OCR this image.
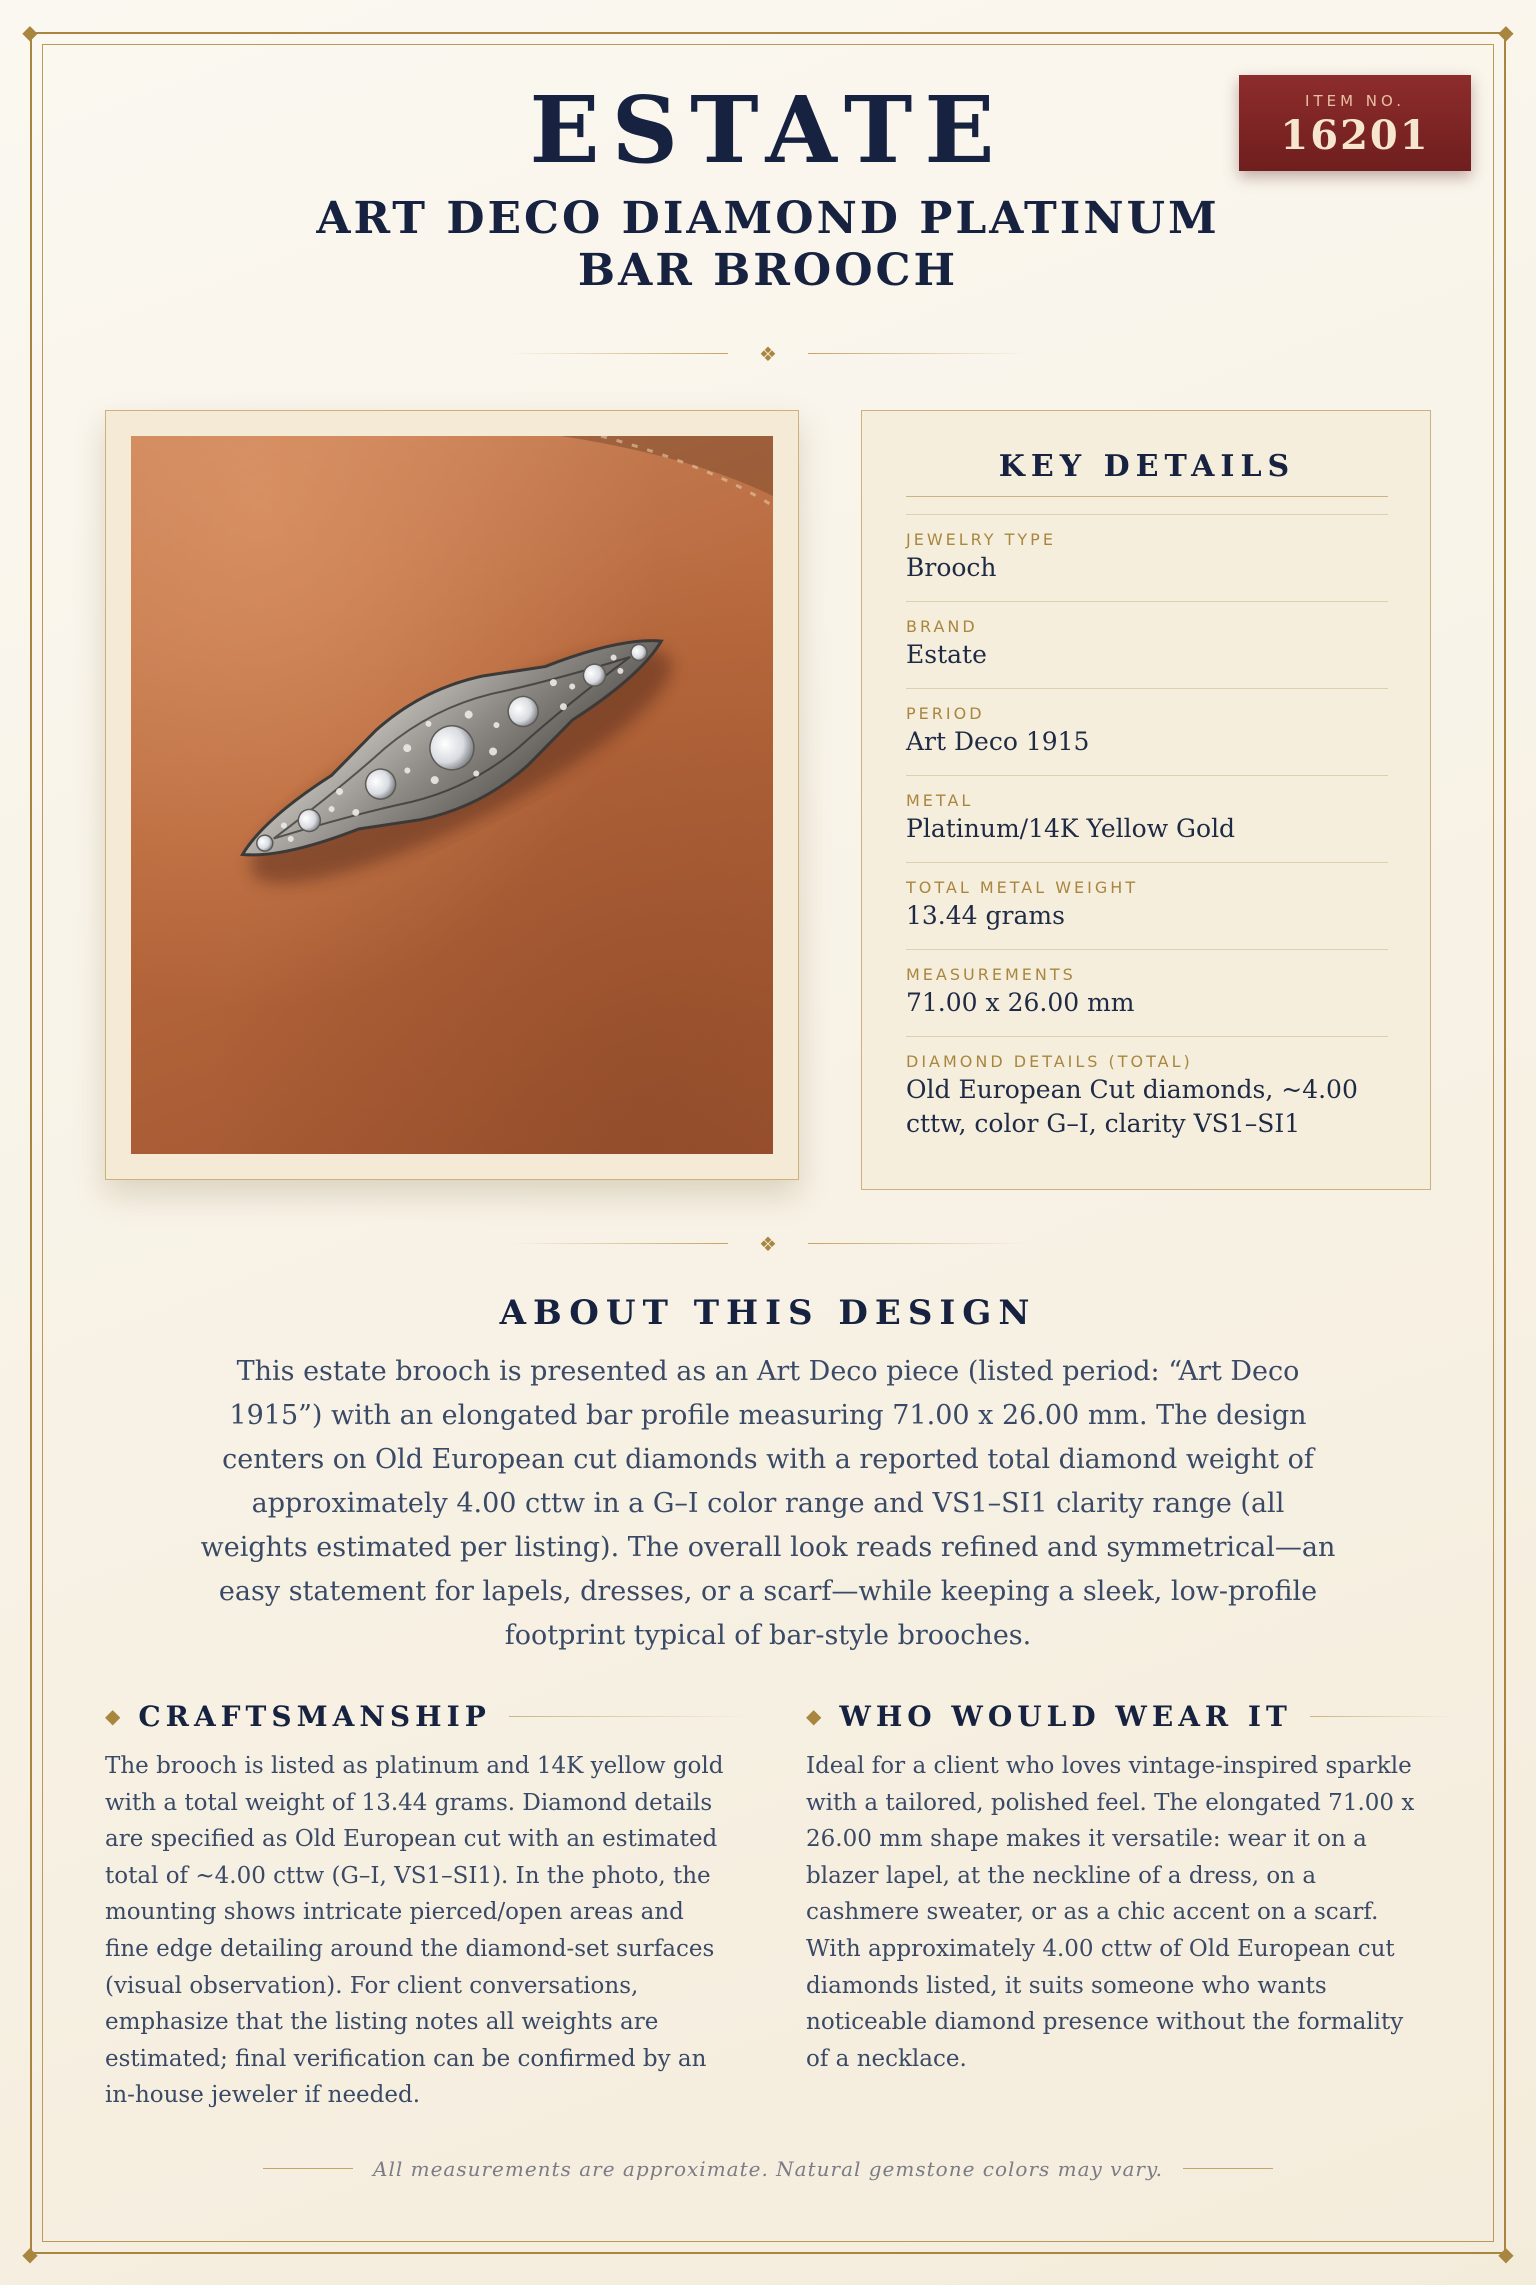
◆	◆
◆	◆
ITEM NO.
16201
ESTATE
ART DECO DIAMOND PLATINUM BAR BROOCH
❖
KEY DETAILS
JEWELRY TYPE
Brooch
BRAND
Estate
PERIOD
Art Deco 1915
METAL
Platinum/14K Yellow Gold
TOTAL METAL WEIGHT
13.44 grams
MEASUREMENTS
71.00 x 26.00 mm
DIAMOND DETAILS (TOTAL)
Old European Cut diamonds, ~4.00 cttw, color G–I, clarity VS1–SI1
❖
ABOUT THIS DESIGN
This estate brooch is presented as an Art Deco piece (listed period: “Art Deco 1915”) with an elongated bar profile measuring 71.00 x 26.00 mm. The design centers on Old European cut diamonds with a reported total diamond weight of approximately 4.00 cttw in a G–I color range and VS1–SI1 clarity range (all weights estimated per listing). The overall look reads refined and symmetrical—an easy statement for lapels, dresses, or a scarf—while keeping a sleek, low-profile footprint typical of bar-style brooches.
◆ CRAFTSMANSHIP
The brooch is listed as platinum and 14K yellow gold with a total weight of 13.44 grams. Diamond details are specified as Old European cut with an estimated total of ~4.00 cttw (G–I, VS1–SI1). In the photo, the mounting shows intricate pierced/open areas and fine edge detailing around the diamond-set surfaces (visual observation). For client conversations, emphasize that the listing notes all weights are estimated; final verification can be confirmed by an in-house jeweler if needed.
◆ WHO WOULD WEAR IT
Ideal for a client who loves vintage-inspired sparkle with a tailored, polished feel. The elongated 71.00 x 26.00 mm shape makes it versatile: wear it on a blazer lapel, at the neckline of a dress, on a cashmere sweater, or as a chic accent on a scarf. With approximately 4.00 cttw of Old European cut diamonds listed, it suits someone who wants noticeable diamond presence without the formality of a necklace.
All measurements are approximate. Natural gemstone colors may vary.
